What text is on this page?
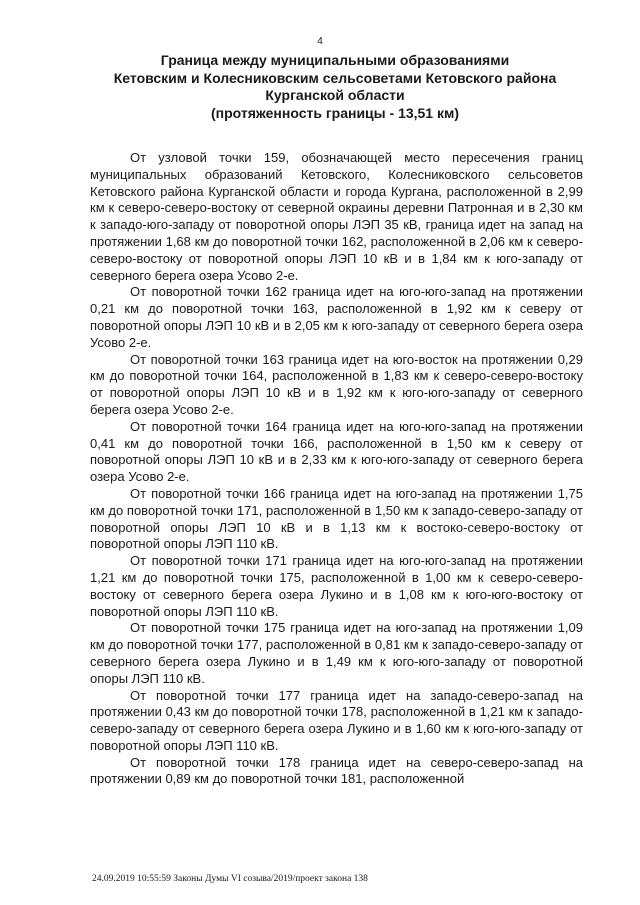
4
Граница между муниципальными образованиями
Кетовским и Колесниковским сельсоветами Кетовского района
Курганской области
(протяженность границы - 13,51 км)

От узловой точки 159, обозначающей место пересечения границ муниципальных образований Кетовского, Колесниковского сельсоветов Кетовского района Курганской области и города Кургана, расположенной в 2,99 км к северо-северо-востоку от северной окраины деревни Патронная и в 2,30 км к западо-юго-западу от поворотной опоры ЛЭП 35 кВ, граница идет на запад на протяжении 1,68 км до поворотной точки 162, расположенной в 2,06 км к северо-северо-востоку от поворотной опоры ЛЭП 10 кВ и в 1,84 км к юго-западу от северного берега озера Усово 2-е.

От поворотной точки 162 граница идет на юго-юго-запад на протяжении 0,21 км до поворотной точки 163, расположенной в 1,92 км к северу от поворотной опоры ЛЭП 10 кВ и в 2,05 км к юго-западу от северного берега озера Усово 2-е.

От поворотной точки 163 граница идет на юго-восток на протяжении 0,29 км до поворотной точки 164, расположенной в 1,83 км к северо-северо-востоку от поворотной опоры ЛЭП 10 кВ и в 1,92 км к юго-юго-западу от северного берега озера Усово 2-е.

От поворотной точки 164 граница идет на юго-юго-запад на протяжении 0,41 км до поворотной точки 166, расположенной в 1,50 км к северу от поворотной опоры ЛЭП 10 кВ и в 2,33 км к юго-юго-западу от северного берега озера Усово 2-е.

От поворотной точки 166 граница идет на юго-запад на протяжении 1,75 км до поворотной точки 171, расположенной в 1,50 км к западо-северо-западу от поворотной опоры ЛЭП 10 кВ и в 1,13 км к востоко-северо-востоку от поворотной опоры ЛЭП 110 кВ.

От поворотной точки 171 граница идет на юго-юго-запад на протяжении 1,21 км до поворотной точки 175, расположенной в 1,00 км к северо-северо-востоку от северного берега озера Лукино и в 1,08 км к юго-юго-востоку от поворотной опоры ЛЭП 110 кВ.

От поворотной точки 175 граница идет на юго-запад на протяжении 1,09 км до поворотной точки 177, расположенной в 0,81 км к западо-северо-западу от северного берега озера Лукино и в 1,49 км к юго-юго-западу от поворотной опоры ЛЭП 110 кВ.

От поворотной точки 177 граница идет на западо-северо-запад на протяжении 0,43 км до поворотной точки 178, расположенной в 1,21 км к западо-северо-западу от северного берега озера Лукино и в 1,60 км к юго-юго-западу от поворотной опоры ЛЭП 110 кВ.

От поворотной точки 178 граница идет на северо-северо-запад на протяжении 0,89 км до поворотной точки 181, расположенной

24.09.2019 10:55:59 Законы Думы VI созыва/2019/проект закона 138
